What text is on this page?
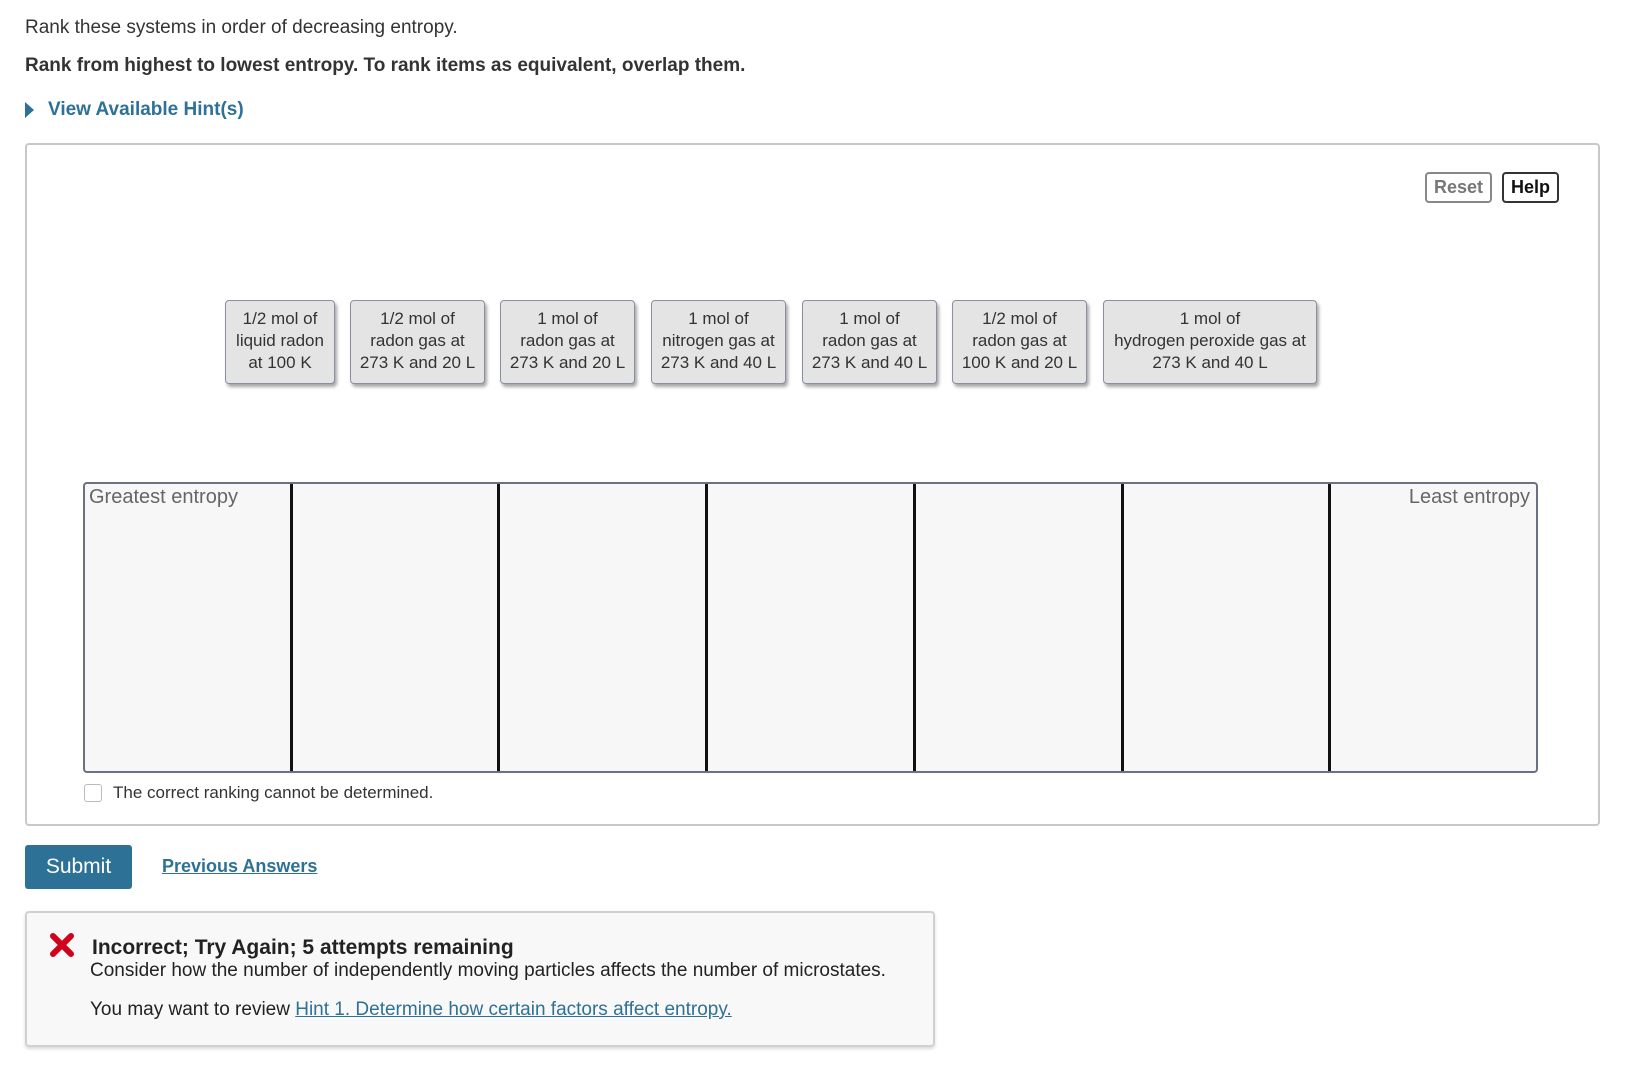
Rank these systems in order of decreasing entropy.
Rank from highest to lowest entropy. To rank items as equivalent, overlap them.
View Available Hint(s)
Reset	Help
1/2 mol of
liquid radon
at 100 K
1/2 mol of
radon gas at
273 K and 20 L
1 mol of
radon gas at
273 K and 20 L
1 mol of
nitrogen gas at
273 K and 40 L
1 mol of
radon gas at
273 K and 40 L
1/2 mol of
radon gas at
100 K and 20 L
1 mol of
hydrogen peroxide gas at
273 K and 40 L
Greatest entropy	Least entropy
The correct ranking cannot be determined.
Submit	Previous Answers
Incorrect; Try Again; 5 attempts remaining
Consider how the number of independently moving particles affects the number of microstates.
You may want to review Hint 1. Determine how certain factors affect entropy.
